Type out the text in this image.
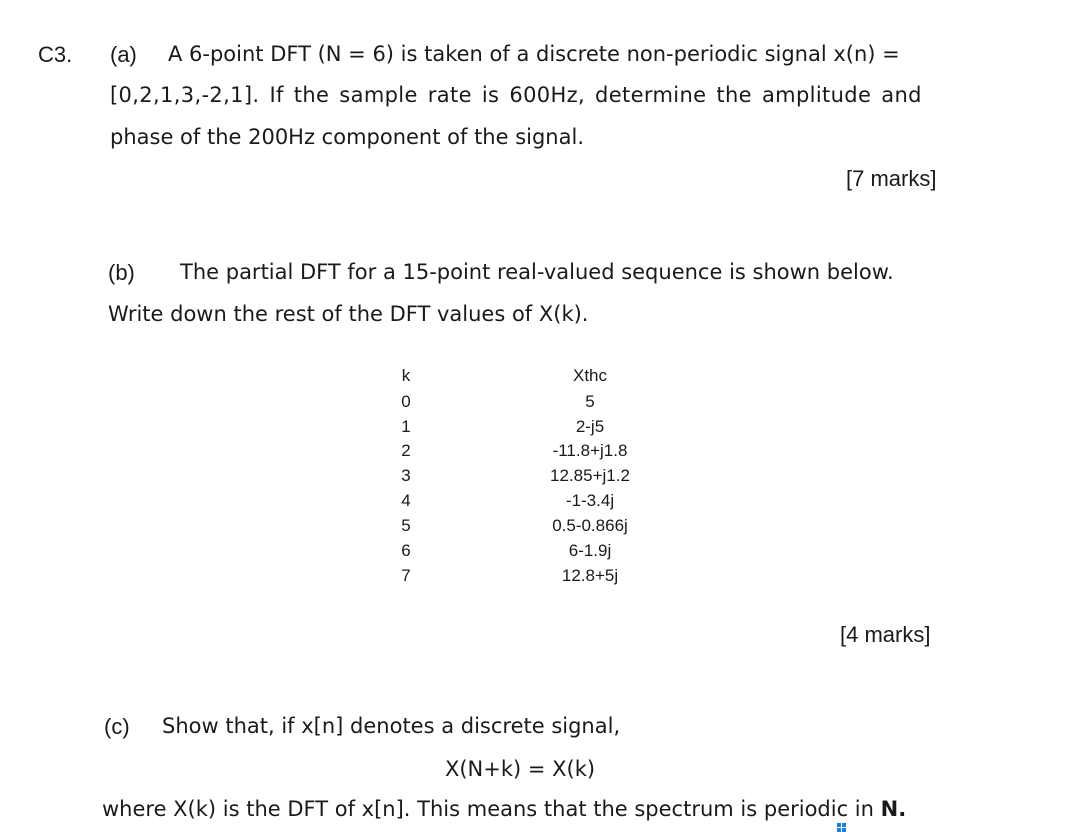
C3. (a) A 6-point DFT (N = 6) is taken of a discrete non-periodic signal x(n) =
[0,2,1,3,-2,1]. If the sample rate is 600Hz, determine the amplitude and
phase of the 200Hz component of the signal.
[7 marks]
(b) The partial DFT for a 15-point real-valued sequence is shown below.
Write down the rest of the DFT values of X(k).
k	Xthc
0	5
1	2-j5
2	-11.8+j1.8
3	12.85+j1.2
4	-1-3.4j
5	0.5-0.866j
6	6-1.9j
7	12.8+5j
[4 marks]
(c) Show that, if x[n] denotes a discrete signal,
X(N+k) = X(k)
where X(k) is the DFT of x[n]. This means that the spectrum is periodic in N.
